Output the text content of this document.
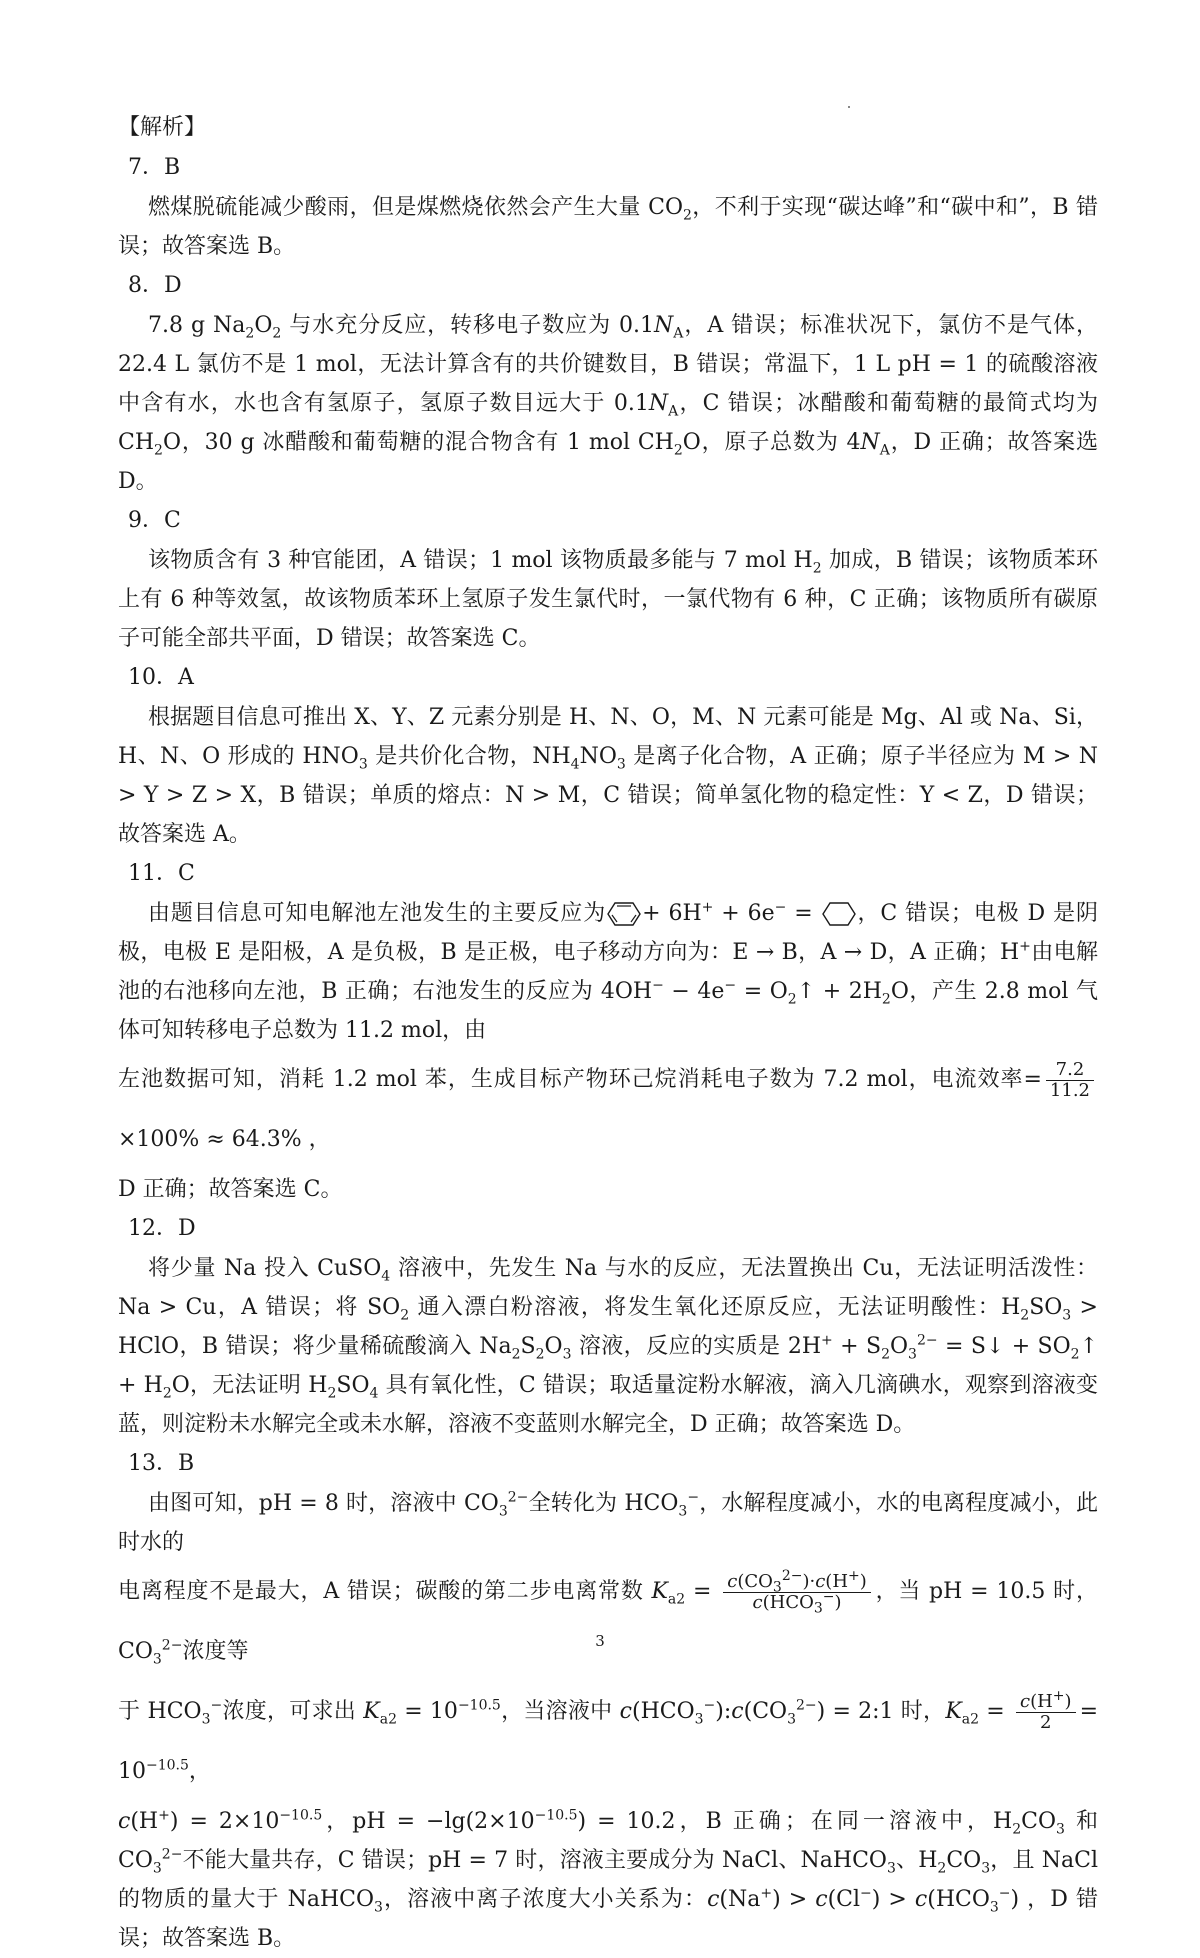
【解析】
7．B
燃煤脱硫能减少酸雨，但是煤燃烧依然会产生大量 $CO_2$，不利于实现“碳达峰”和“碳中和”，B 错误；故答案选 B。
8．D
7.8 g $Na_2O_2$ 与水充分反应，转移电子数应为 $0.1N_A$，A 错误；标准状况下，氯仿不是气体，22.4 L 氯仿不是 1 mol，无法计算含有的共价键数目，B 错误；常温下，1 L pH = 1 的硫酸溶液中含有水，水也含有氢原子，氢原子数目远大于 $0.1N_A$，C 错误；冰醋酸和葡萄糖的最简式均为 $CH_2O$，30 g 冰醋酸和葡萄糖的混合物含有 1 mol $CH_2O$，原子总数为 $4N_A$，D 正确；故答案选 D。
9．C
该物质含有 3 种官能团，A 错误；1 mol 该物质最多能与 7 mol $H_2$ 加成，B 错误；该物质苯环上有 6 种等效氢，故该物质苯环上氢原子发生氯代时，一氯代物有 6 种，C 正确；该物质所有碳原子可能全部共平面，D 错误；故答案选 C。
10．A
根据题目信息可推出 X、Y、Z 元素分别是 H、N、O，M、N 元素可能是 Mg、Al 或 Na、Si，H、N、O 形成的 $HNO_3$ 是共价化合物，$NH_4NO_3$ 是离子化合物，A 正确；原子半径应为 M > N > Y > Z > X，B 错误；单质的熔点：N > M，C 错误；简单氢化物的稳定性：Y < Z，D 错误；故答案选 A。
11．C
由题目信息可知电解池左池发生的主要反应为 + 6H+ + 6e− = ，C 错误；电极 D 是阴极，电极 E 是阳极，A 是负极，B 是正极，电子移动方向为：E → B，A → D，A 正确；H+由电解池的右池移向左池，B 正确；右池发生的反应为 $4OH^- - 4e^- = O_2↑ + 2H_2O$，产生 2.8 mol 气体可知转移电子总数为 11.2 mol，由
左池数据可知，消耗 1.2 mol 苯，生成目标产物环己烷消耗电子数为 7.2 mol，电流效率= $\frac{7.2}{11.2}$
×100% ≈ 64.3% ，
D 正确；故答案选 C。
12．D
将少量 Na 投入 CuSO$_4$ 溶液中，先发生 Na 与水的反应，无法置换出 Cu，无法证明活泼性：Na > Cu，A 错误；将 $SO_2$ 通入漂白粉溶液，将发生氧化还原反应，无法证明酸性：$H_2SO_3$ > HClO，B 错误；将少量稀硫酸滴入 $Na_2S_2O_3$ 溶液，反应的实质是 $2H^+ + S_2O_3^{2-}$ = S↓ + $SO_2↑ + H_2O$，无法证明 $H_2SO_4$ 具有氧化性，C 错误；取适量淀粉水解液，滴入几滴碘水，观察到溶液变蓝，则淀粉未水解完全或未水解，溶液不变蓝则水解完全，D 正确；故答案选 D。
13．B
由图可知，pH = 8 时，溶液中 $CO_3^{2-}$全转化为 $HCO_3^-$，水解程度减小，水的电离程度减小，此时水的
电离程度不是最大，A 错误；碳酸的第二步电离常数 $K_{a2} = \frac{c(CO_3^{2-})\cdot c(H^+)}{c(HCO_3^-)}$ ，当 pH = 10.5 时，$CO_3^{2-}$浓度等
于 $HCO_3^-$浓度，可求出 $K_{a2} = 10^{-10.5}$，当溶液中 $c(HCO_3^-):c(CO_3^{2-})$ = 2:1 时，$K_{a2} = \frac{c(H^+)}{2} = 10^{-10.5}$，
$c(H^+) = 2\times 10^{-10.5}$，pH = $-\lg(2\times 10^{-10.5}) = 10.2$，B 正确；在同一溶液中，$H_2CO_3$ 和 $CO_3^{2-}$不能大量共存，C 错误；pH = 7 时，溶液主要成分为 NaCl、NaHCO$_3$、$H_2CO_3$，且 NaCl 的物质的量大于 NaHCO$_3$，溶液中离子浓度大小关系为：$c(Na^+) > c(Cl^-) > c(HCO_3^-)$ ，D 错误；故答案选 B。
3
